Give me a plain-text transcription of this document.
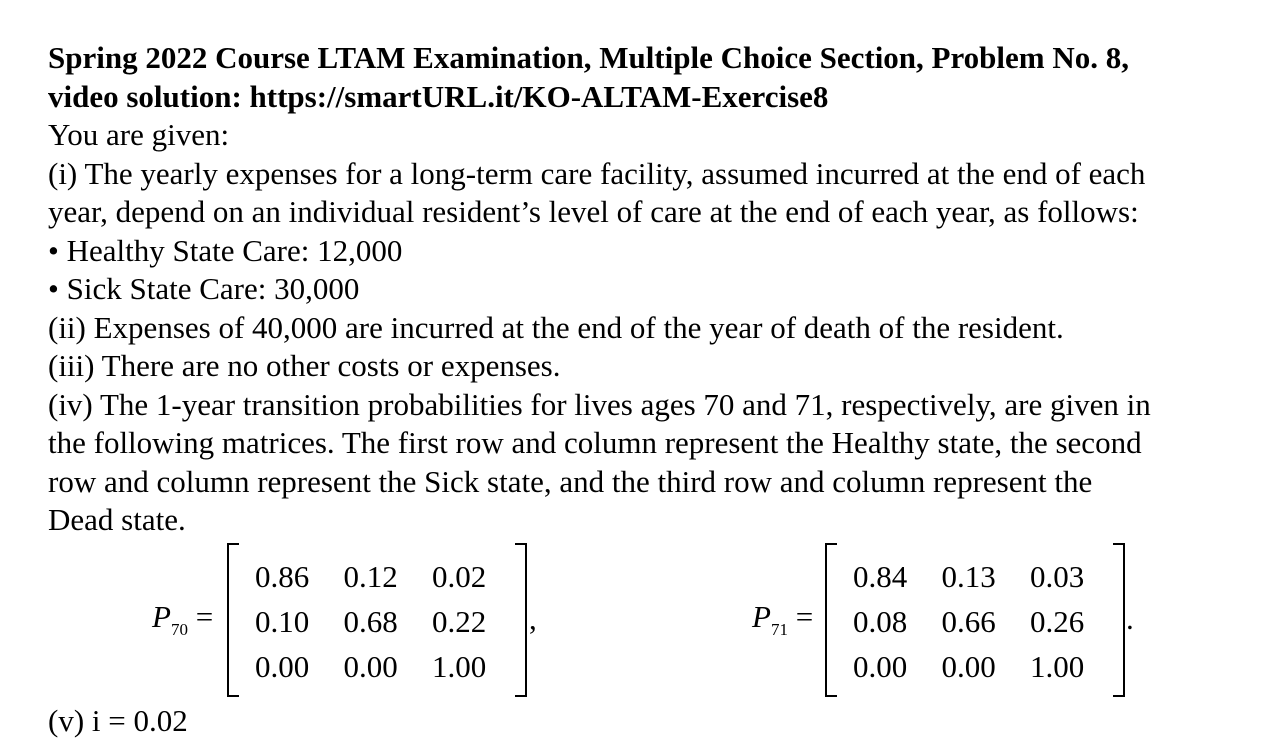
Spring 2022 Course LTAM Examination, Multiple Choice Section, Problem No. 8,
video solution: https://smartURL.it/KO-ALTAM-Exercise8
You are given:
(i) The yearly expenses for a long-term care facility, assumed incurred at the end of each
year, depend on an individual resident’s level of care at the end of each year, as follows:
• Healthy State Care: 12,000
• Sick State Care: 30,000
(ii) Expenses of 40,000 are incurred at the end of the year of death of the resident.
(iii) There are no other costs or expenses.
(iv) The 1-year transition probabilities for lives ages 70 and 71, respectively, are given in
the following matrices. The first row and column represent the Healthy state, the second
row and column represent the Sick state, and the third row and column represent the
Dead state.
$P_{70}$ =
0.86	0.12	0.02
0.10	0.68	0.22
0.00	0.00	1.00
,	$P_{71}$ =
0.84	0.13	0.03
0.08	0.66	0.26
0.00	0.00	1.00
.
(v) i = 0.02
